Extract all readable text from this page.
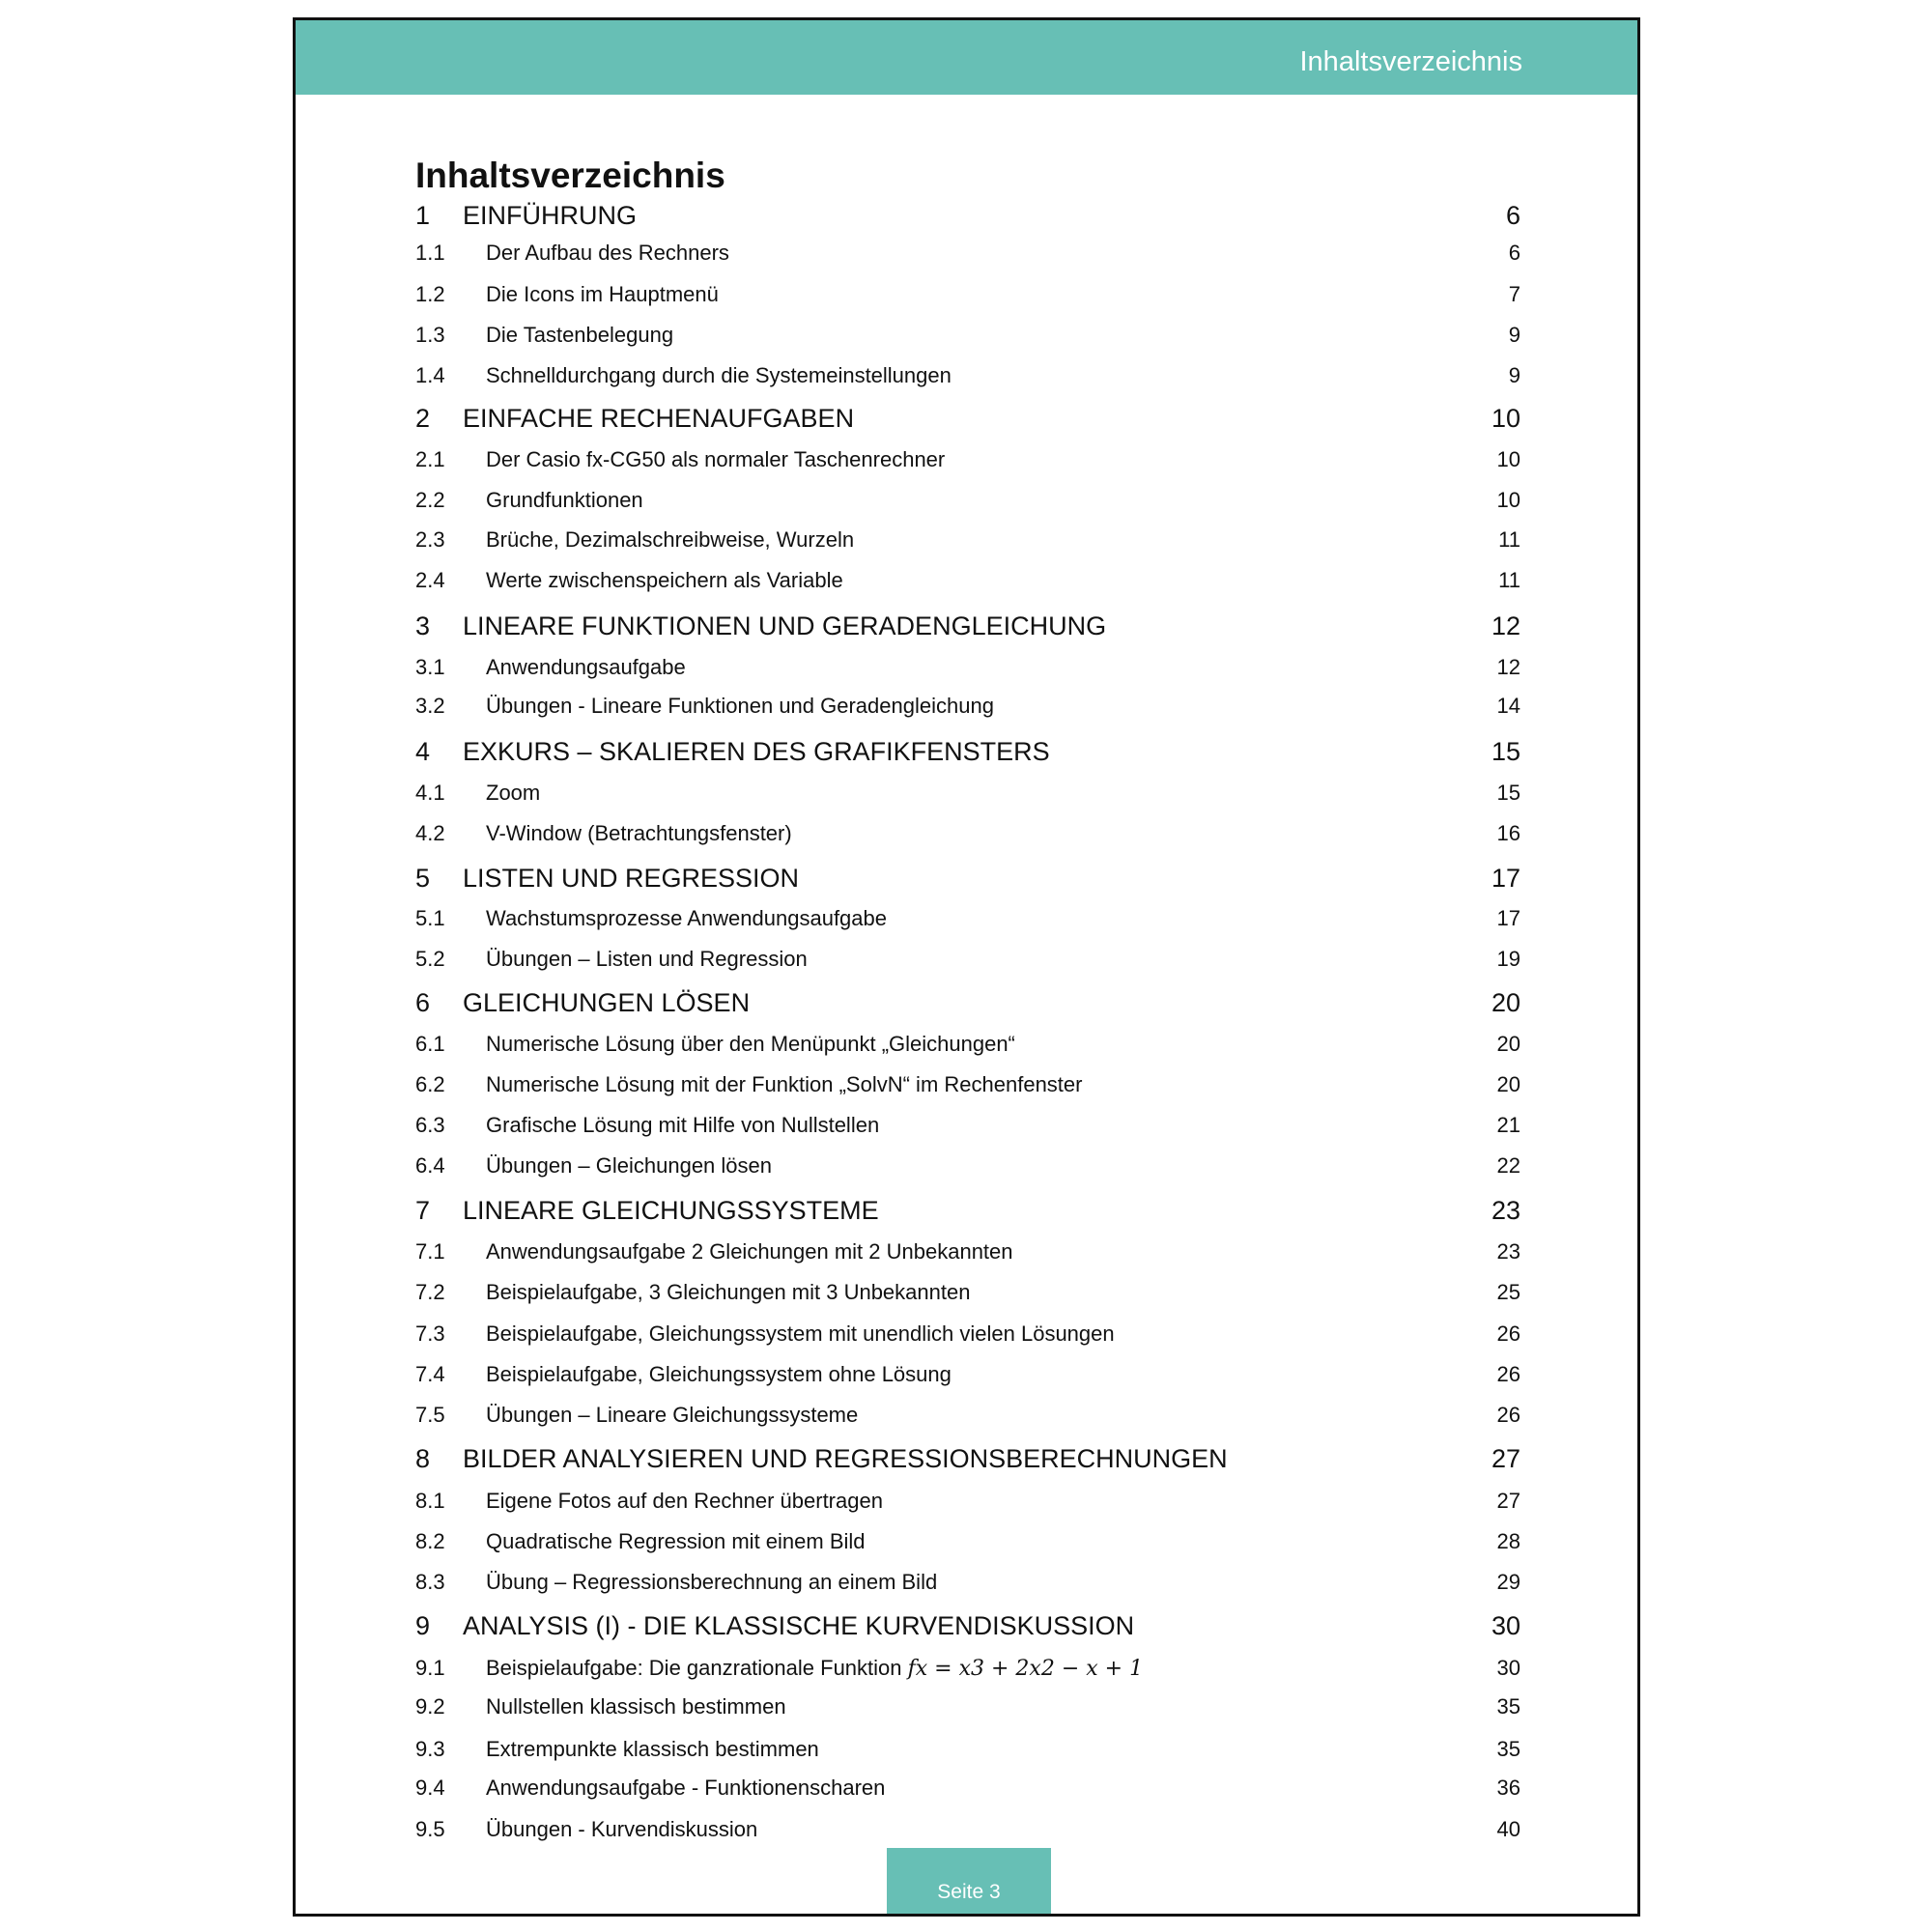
Inhaltsverzeichnis
Inhaltsverzeichnis
1	EINFÜHRUNG	6
1.1	Der Aufbau des Rechners	6
1.2	Die Icons im Hauptmenü	7
1.3	Die Tastenbelegung	9
1.4	Schnelldurchgang durch die Systemeinstellungen	9
2	EINFACHE RECHENAUFGABEN	10
2.1	Der Casio fx-CG50 als normaler Taschenrechner	10
2.2	Grundfunktionen	10
2.3	Brüche, Dezimalschreibweise, Wurzeln	11
2.4	Werte zwischenspeichern als Variable	11
3	LINEARE FUNKTIONEN UND GERADENGLEICHUNG	12
3.1	Anwendungsaufgabe	12
3.2	Übungen - Lineare Funktionen und Geradengleichung	14
4	EXKURS – SKALIEREN DES GRAFIKFENSTERS	15
4.1	Zoom	15
4.2	V-Window (Betrachtungsfenster)	16
5	LISTEN UND REGRESSION	17
5.1	Wachstumsprozesse Anwendungsaufgabe	17
5.2	Übungen – Listen und Regression	19
6	GLEICHUNGEN LÖSEN	20
6.1	Numerische Lösung über den Menüpunkt „Gleichungen“	20
6.2	Numerische Lösung mit der Funktion „SolvN“ im Rechenfenster	20
6.3	Grafische Lösung mit Hilfe von Nullstellen	21
6.4	Übungen – Gleichungen lösen	22
7	LINEARE GLEICHUNGSSYSTEME	23
7.1	Anwendungsaufgabe 2 Gleichungen mit 2 Unbekannten	23
7.2	Beispielaufgabe, 3 Gleichungen mit 3 Unbekannten	25
7.3	Beispielaufgabe, Gleichungssystem mit unendlich vielen Lösungen	26
7.4	Beispielaufgabe, Gleichungssystem ohne Lösung	26
7.5	Übungen – Lineare Gleichungssysteme	26
8	BILDER ANALYSIEREN UND REGRESSIONSBERECHNUNGEN	27
8.1	Eigene Fotos auf den Rechner übertragen	27
8.2	Quadratische Regression mit einem Bild	28
8.3	Übung – Regressionsberechnung an einem Bild	29
9	ANALYSIS (I) - DIE KLASSISCHE KURVENDISKUSSION	30
9.1	Beispielaufgabe: Die ganzrationale Funktion fx = x3 + 2x2 − x + 1	30
9.2	Nullstellen klassisch bestimmen	35
9.3	Extrempunkte klassisch bestimmen	35
9.4	Anwendungsaufgabe - Funktionenscharen	36
9.5	Übungen - Kurvendiskussion	40
Seite 3
